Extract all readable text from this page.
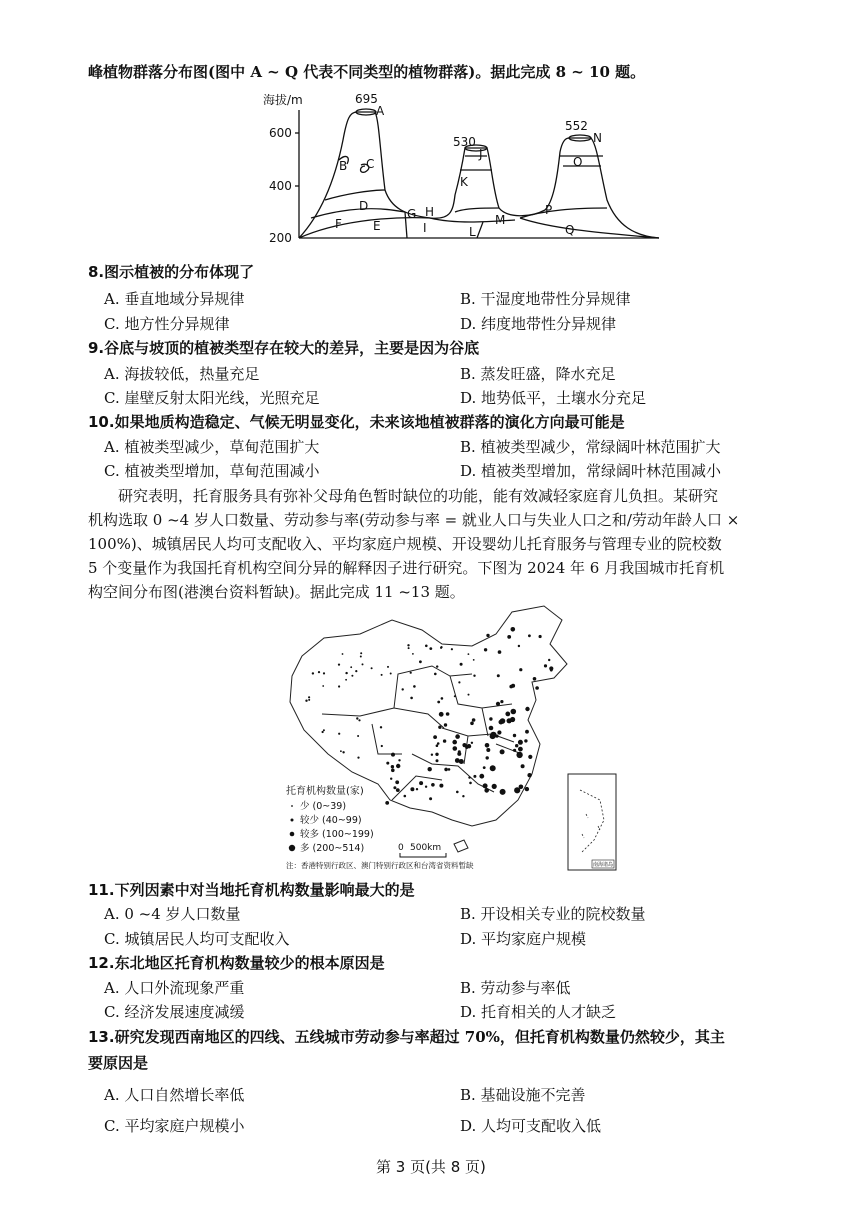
峰植物群落分布图(图中 A ~ Q 代表不同类型的植物群落)。据此完成 8 ~ 10 题。
海拔/m
600
400
200
695
530
552
A
B C
D
E
F
G H
I
J
K
L
M
N
O
P
Q
8.图示植被的分布体现了
A. 垂直地域分异规律	B. 干湿度地带性分异规律
C. 地方性分异规律	D. 纬度地带性分异规律
9.谷底与坡顶的植被类型存在较大的差异，主要是因为谷底
A. 海拔较低，热量充足	B. 蒸发旺盛，降水充足
C. 崖壁反射太阳光线，光照充足	D. 地势低平，土壤水分充足
10.如果地质构造稳定、气候无明显变化，未来该地植被群落的演化方向最可能是
A. 植被类型减少，草甸范围扩大	B. 植被类型减少，常绿阔叶林范围扩大
C. 植被类型增加，草甸范围减小	D. 植被类型增加，常绿阔叶林范围减小
研究表明，托育服务具有弥补父母角色暂时缺位的功能，能有效减轻家庭育儿负担。某研究
机构选取 0 ~4 岁人口数量、劳动参与率(劳动参与率 = 就业人口与失业人口之和/劳动年龄人口 ×
100%)、城镇居民人均可支配收入、平均家庭户规模、开设婴幼儿托育服务与管理专业的院校数
5 个变量作为我国托育机构空间分异的解释因子进行研究。下图为 2024 年 6 月我国城市托育机
构空间分布图(港澳台资料暂缺)。据此完成 11 ~13 题。
南海诸岛
托育机构数量(家)
少 (0~39)
较少 (40~99)
较多 (100~199)
多 (200~514)	0 500km
注：香港特别行政区、澳门特别行政区和台湾省资料暂缺
11.下列因素中对当地托育机构数量影响最大的是
A. 0 ~4 岁人口数量	B. 开设相关专业的院校数量
C. 城镇居民人均可支配收入	D. 平均家庭户规模
12.东北地区托育机构数量较少的根本原因是
A. 人口外流现象严重	B. 劳动参与率低
C. 经济发展速度减缓	D. 托育相关的人才缺乏
13.研究发现西南地区的四线、五线城市劳动参与率超过 70%，但托育机构数量仍然较少，其主
要原因是
A. 人口自然增长率低	B. 基础设施不完善
C. 平均家庭户规模小	D. 人均可支配收入低
第 3 页(共 8 页)
